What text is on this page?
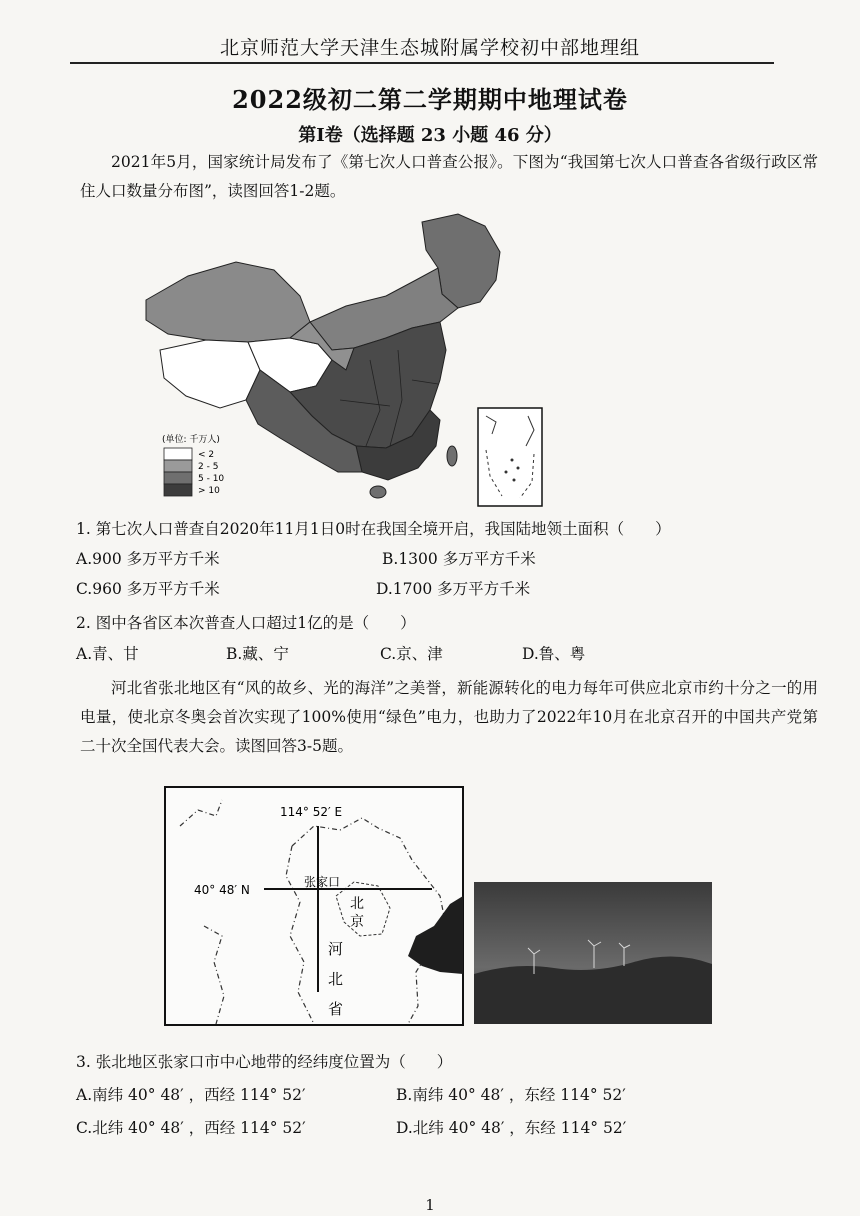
北京师范大学天津生态城附属学校初中部地理组
2022级初二第二学期期中地理试卷
第Ⅰ卷（选择题 23 小题 46 分）
2021年5月，国家统计局发布了《第七次人口普查公报》。下图为“我国第七次人口普查各省级行政区常住人口数量分布图”，读图回答1-2题。
(单位: 千万人)
< 2
2 - 5
5 - 10
> 10
1. 第七次人口普查自2020年11月1日0时在我国全境开启，我国陆地领土面积（　　）
A.900 多万平方千米	B.1300 多万平方千米
C.960 多万平方千米	D.1700 多万平方千米
2. 图中各省区本次普查人口超过1亿的是（　　）
A.青、甘	B.藏、宁	C.京、津	D.鲁、粤
河北省张北地区有“风的故乡、光的海洋”之美誉，新能源转化的电力每年可供应北京市约十分之一的用电量，使北京冬奥会首次实现了100%使用“绿色”电力，也助力了2022年10月在北京召开的中国共产党第二十次全国代表大会。读图回答3-5题。
114° 52′ E
40° 48′ N
张家口
北
京
河
北
省
3. 张北地区张家口市中心地带的经纬度位置为（　　）
A.南纬 40° 48′ ，西经 114° 52′	B.南纬 40° 48′ ，东经 114° 52′
C.北纬 40° 48′ ，西经 114° 52′	D.北纬 40° 48′ ，东经 114° 52′
1
